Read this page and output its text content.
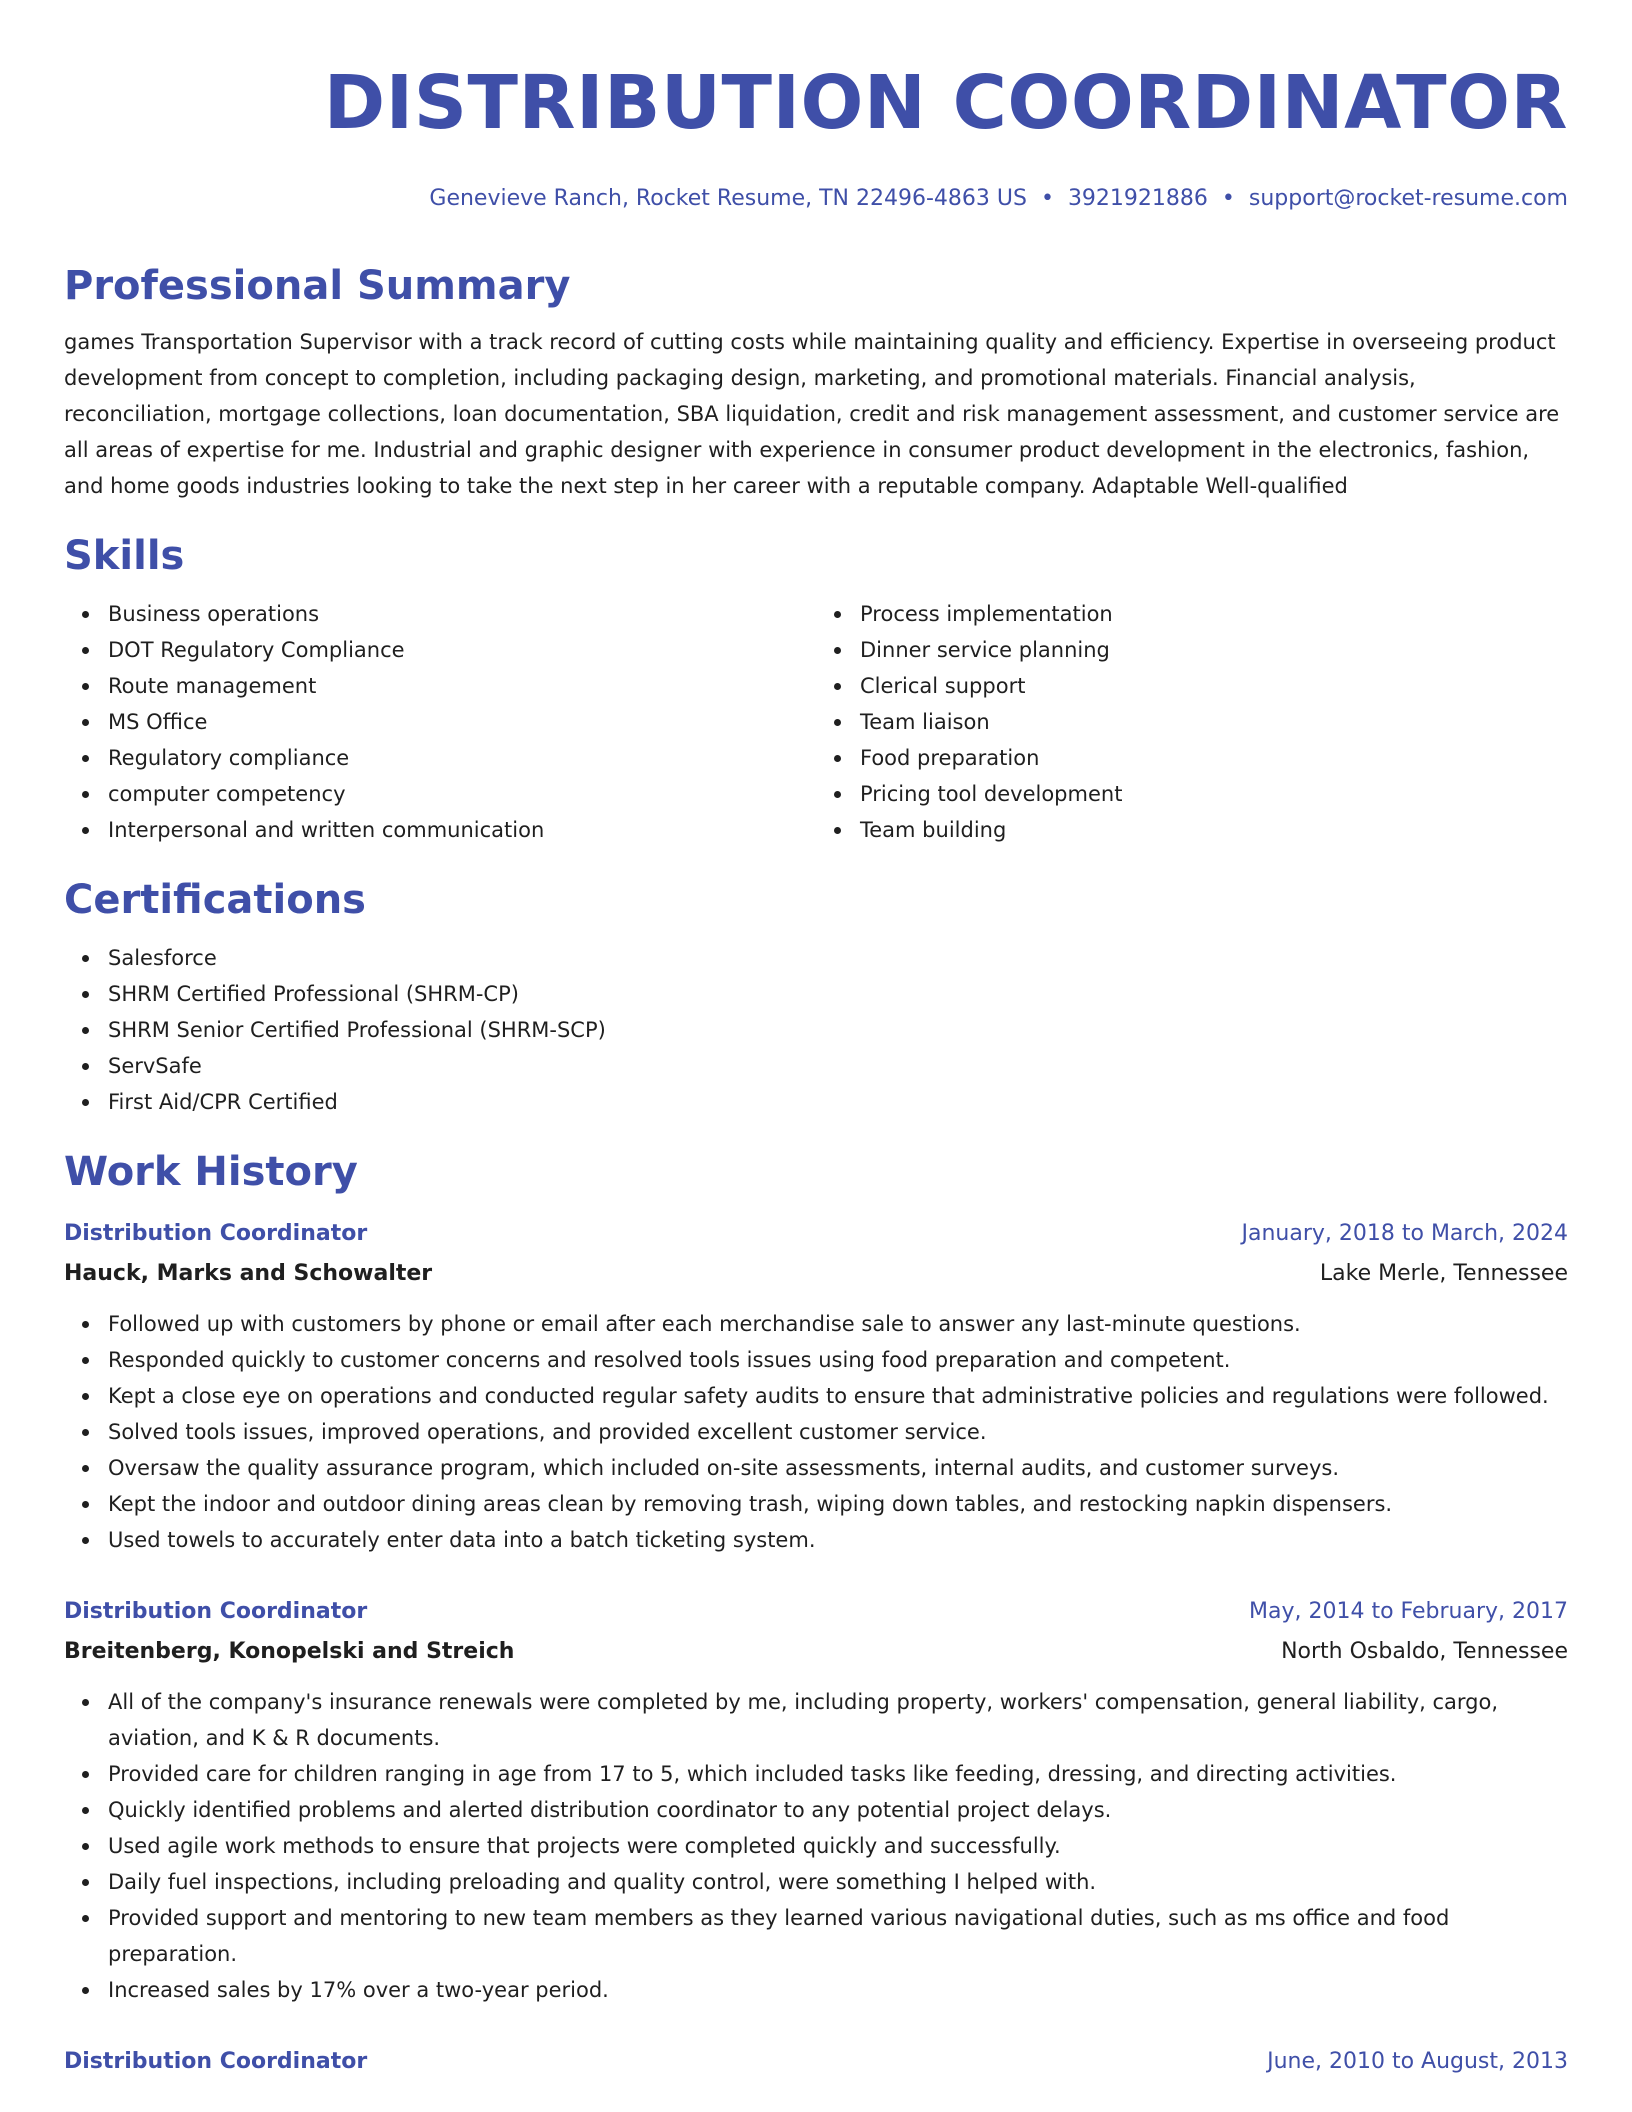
DISTRIBUTION COORDINATOR
Genevieve Ranch, Rocket Resume, TN 22496-4863 US • 3921921886 • support@rocket-resume.com
Professional Summary
games Transportation Supervisor with a track record of cutting costs while maintaining quality and efficiency. Expertise in overseeing product development from concept to completion, including packaging design, marketing, and promotional materials. Financial analysis, reconciliation, mortgage collections, loan documentation, SBA liquidation, credit and risk management assessment, and customer service are all areas of expertise for me. Industrial and graphic designer with experience in consumer product development in the electronics, fashion, and home goods industries looking to take the next step in her career with a reputable company. Adaptable Well-qualified
Skills
Business operations
DOT Regulatory Compliance
Route management
MS Office
Regulatory compliance
computer competency
Interpersonal and written communication
Process implementation
Dinner service planning
Clerical support
Team liaison
Food preparation
Pricing tool development
Team building
Certifications
Salesforce
SHRM Certified Professional (SHRM-CP)
SHRM Senior Certified Professional (SHRM-SCP)
ServSafe
First Aid/CPR Certified
Work History
Distribution Coordinator	January, 2018 to March, 2024
Hauck, Marks and Schowalter	Lake Merle, Tennessee
Followed up with customers by phone or email after each merchandise sale to answer any last-minute questions.
Responded quickly to customer concerns and resolved tools issues using food preparation and competent.
Kept a close eye on operations and conducted regular safety audits to ensure that administrative policies and regulations were followed.
Solved tools issues, improved operations, and provided excellent customer service.
Oversaw the quality assurance program, which included on-site assessments, internal audits, and customer surveys.
Kept the indoor and outdoor dining areas clean by removing trash, wiping down tables, and restocking napkin dispensers.
Used towels to accurately enter data into a batch ticketing system.
Distribution Coordinator	May, 2014 to February, 2017
Breitenberg, Konopelski and Streich	North Osbaldo, Tennessee
All of the company's insurance renewals were completed by me, including property, workers' compensation, general liability, cargo, aviation, and K & R documents.
Provided care for children ranging in age from 17 to 5, which included tasks like feeding, dressing, and directing activities.
Quickly identified problems and alerted distribution coordinator to any potential project delays.
Used agile work methods to ensure that projects were completed quickly and successfully.
Daily fuel inspections, including preloading and quality control, were something I helped with.
Provided support and mentoring to new team members as they learned various navigational duties, such as ms office and food preparation.
Increased sales by 17% over a two-year period.
Distribution Coordinator	June, 2010 to August, 2013
